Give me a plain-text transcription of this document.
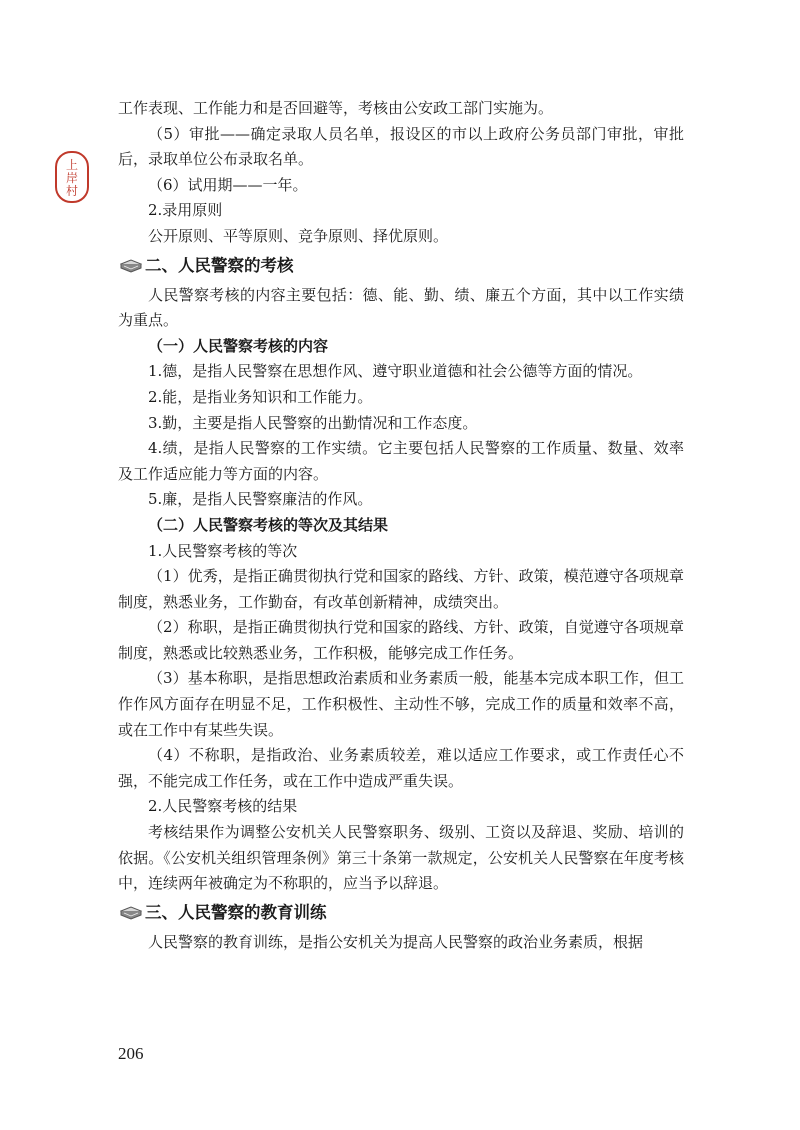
上
岸
村

工作表现、工作能力和是否回避等，考核由公安政工部门实施为。

（5）审批——确定录取人员名单，报设区的市以上政府公务员部门审批，审批后，录取单位公布录取名单。

（6）试用期——一年。

2.录用原则

公开原则、平等原则、竞争原则、择优原则。

二、人民警察的考核

人民警察考核的内容主要包括：德、能、勤、绩、廉五个方面，其中以工作实绩为重点。

（一）人民警察考核的内容

1.德，是指人民警察在思想作风、遵守职业道德和社会公德等方面的情况。

2.能，是指业务知识和工作能力。

3.勤，主要是指人民警察的出勤情况和工作态度。

4.绩，是指人民警察的工作实绩。它主要包括人民警察的工作质量、数量、效率及工作适应能力等方面的内容。

5.廉，是指人民警察廉洁的作风。

（二）人民警察考核的等次及其结果

1.人民警察考核的等次

（1）优秀，是指正确贯彻执行党和国家的路线、方针、政策，模范遵守各项规章制度，熟悉业务，工作勤奋，有改革创新精神，成绩突出。

（2）称职，是指正确贯彻执行党和国家的路线、方针、政策，自觉遵守各项规章制度，熟悉或比较熟悉业务，工作积极，能够完成工作任务。

（3）基本称职，是指思想政治素质和业务素质一般，能基本完成本职工作，但工作作风方面存在明显不足，工作积极性、主动性不够，完成工作的质量和效率不高，或在工作中有某些失误。

（4）不称职，是指政治、业务素质较差，难以适应工作要求，或工作责任心不强，不能完成工作任务，或在工作中造成严重失误。

2.人民警察考核的结果

考核结果作为调整公安机关人民警察职务、级别、工资以及辞退、奖励、培训的依据。《公安机关组织管理条例》第三十条第一款规定，公安机关人民警察在年度考核中，连续两年被确定为不称职的，应当予以辞退。

三、人民警察的教育训练

人民警察的教育训练，是指公安机关为提高人民警察的政治业务素质，根据

206
